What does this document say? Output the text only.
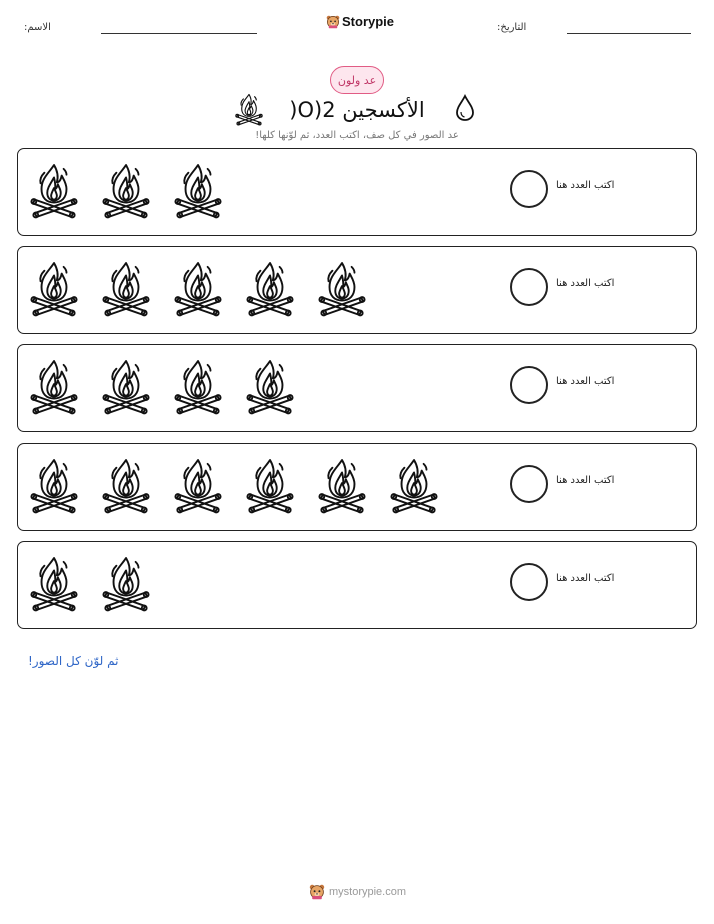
الاسم:	Storypie	التاريخ:
عد ولون
الأكسجين O)2(
عد الصور في كل صف، اكتب العدد، ثم لوّنها كلها!
اكتب العدد هنا
اكتب العدد هنا
اكتب العدد هنا
اكتب العدد هنا
اكتب العدد هنا
ثم لوّن كل الصور!
mystorypie.com
